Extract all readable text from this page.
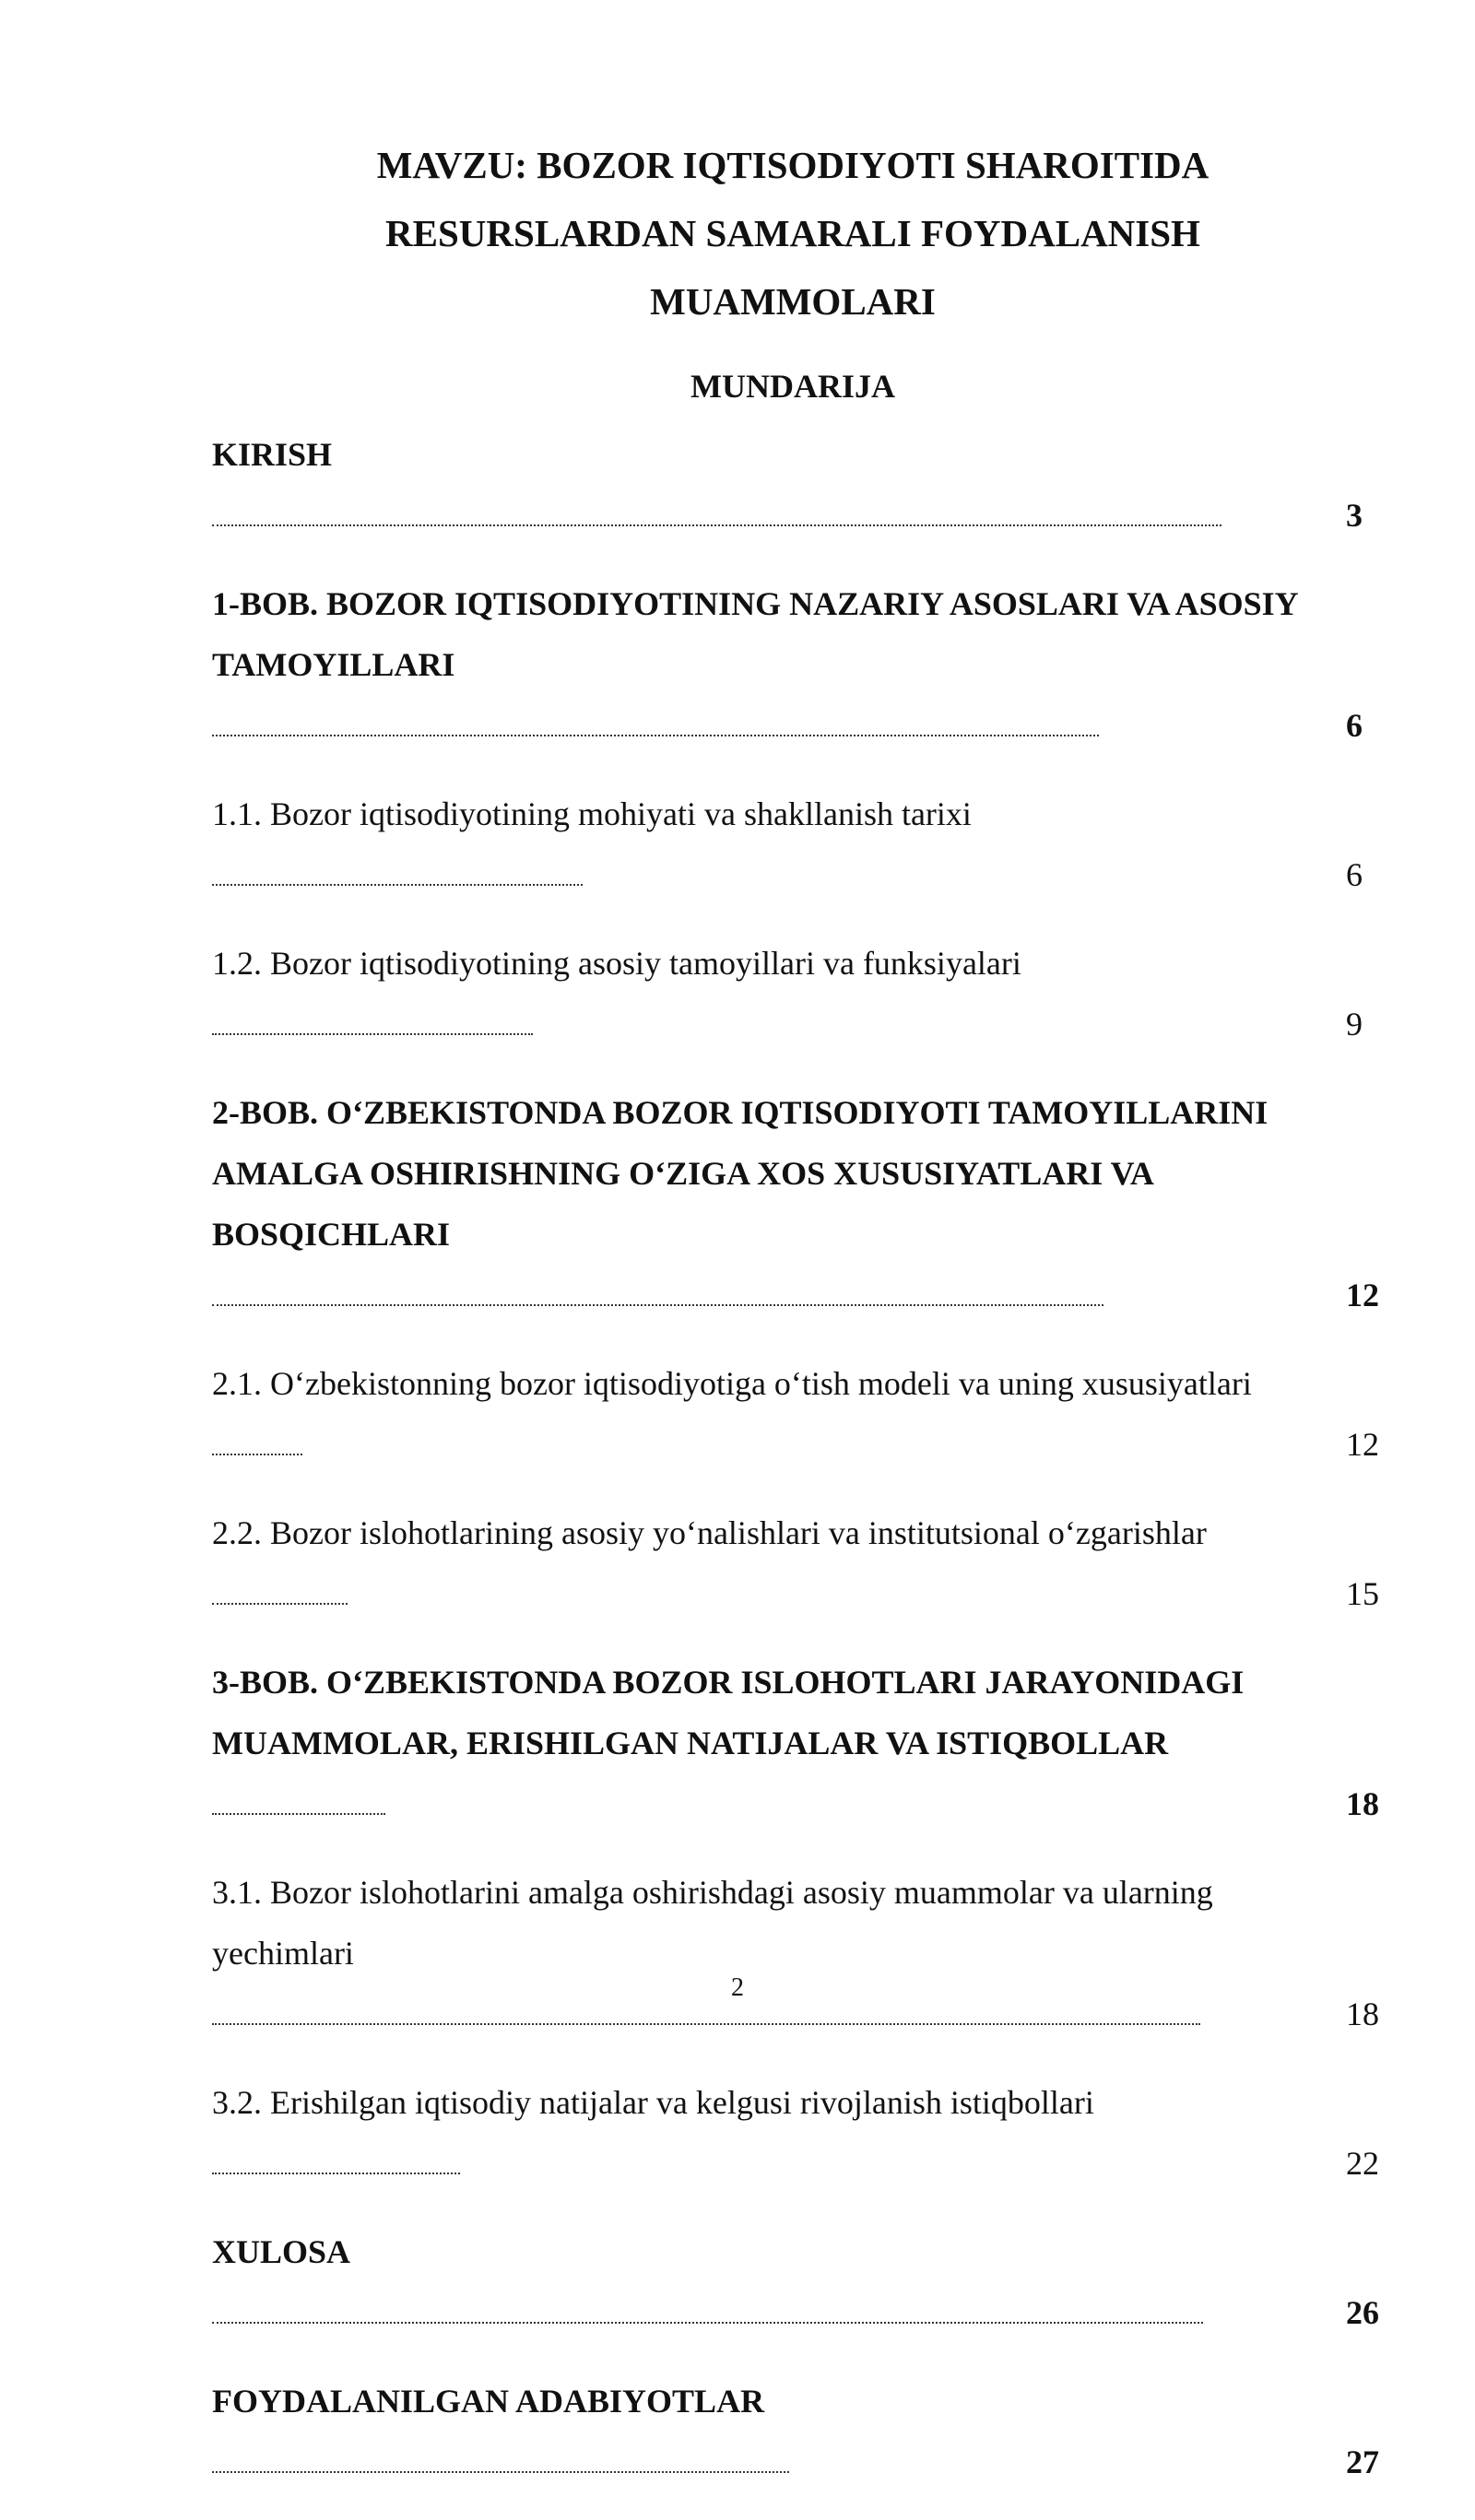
MAVZU: BOZOR IQTISODIYOTI SHAROITIDA
RESURSLARDAN SAMARALI FOYDALANISH
MUAMMOLARI
MUNDARIJA
KIRISH
3
1-BOB. BOZOR IQTISODIYOTINING NAZARIY ASOSLARI VA ASOSIY TAMOYILLARI
6
1.1. Bozor iqtisodiyotining mohiyati va shakllanish tarixi
6
1.2. Bozor iqtisodiyotining asosiy tamoyillari va funksiyalari
9
2-BOB. O‘ZBEKISTONDA BOZOR IQTISODIYOTI TAMOYILLARINI AMALGA OSHIRISHNING O‘ZIGA XOS XUSUSIYATLARI VA BOSQICHLARI
12
2.1. O‘zbekistonning bozor iqtisodiyotiga o‘tish modeli va uning xususiyatlari
12
2.2. Bozor islohotlarining asosiy yo‘nalishlari va institutsional o‘zgarishlar
15
3-BOB. O‘ZBEKISTONDA BOZOR ISLOHOTLARI JARAYONIDAGI MUAMMOLAR, ERISHILGAN NATIJALAR VA ISTIQBOLLAR
18
3.1. Bozor islohotlarini amalga oshirishdagi asosiy muammolar va ularning yechimlari
18
3.2. Erishilgan iqtisodiy natijalar va kelgusi rivojlanish istiqbollari
22
XULOSA
26
FOYDALANILGAN ADABIYOTLAR
27

2
